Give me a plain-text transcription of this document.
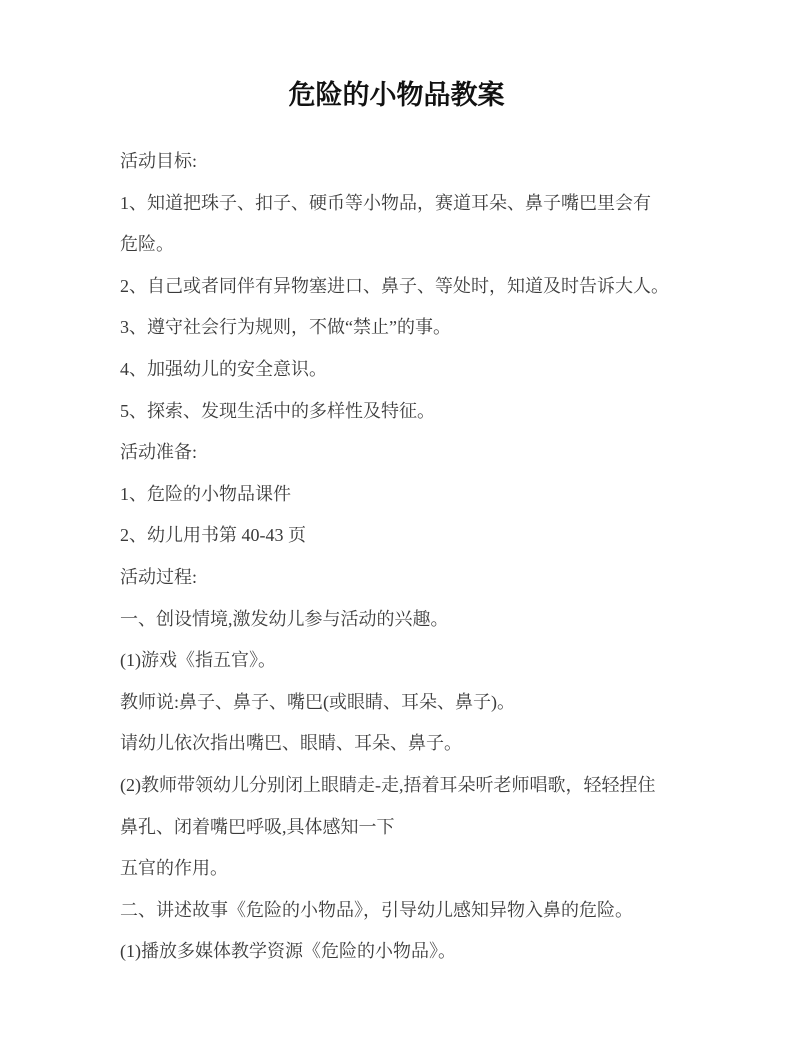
危险的小物品教案
活动目标:
1、知道把珠子、扣子、硬币等小物品，赛道耳朵、鼻子嘴巴里会有
危险。
2、自己或者同伴有异物塞进口、鼻子、等处时，知道及时告诉大人。
3、遵守社会行为规则，不做“禁止”的事。
4、加强幼儿的安全意识。
5、探索、发现生活中的多样性及特征。
活动准备:
1、危险的小物品课件
2、幼儿用书第 40-43 页
活动过程:
一、创设情境,激发幼儿参与活动的兴趣。
(1)游戏《指五官》。
教师说:鼻子、鼻子、嘴巴(或眼睛、耳朵、鼻子)。
请幼儿依次指出嘴巴、眼睛、耳朵、鼻子。
(2)教师带领幼儿分别闭上眼睛走-走,捂着耳朵听老师唱歌，轻轻捏住
鼻孔、闭着嘴巴呼吸,具体感知一下
五官的作用。
二、讲述故事《危险的小物品》，引导幼儿感知异物入鼻的危险。
(1)播放多媒体教学资源《危险的小物品》。
